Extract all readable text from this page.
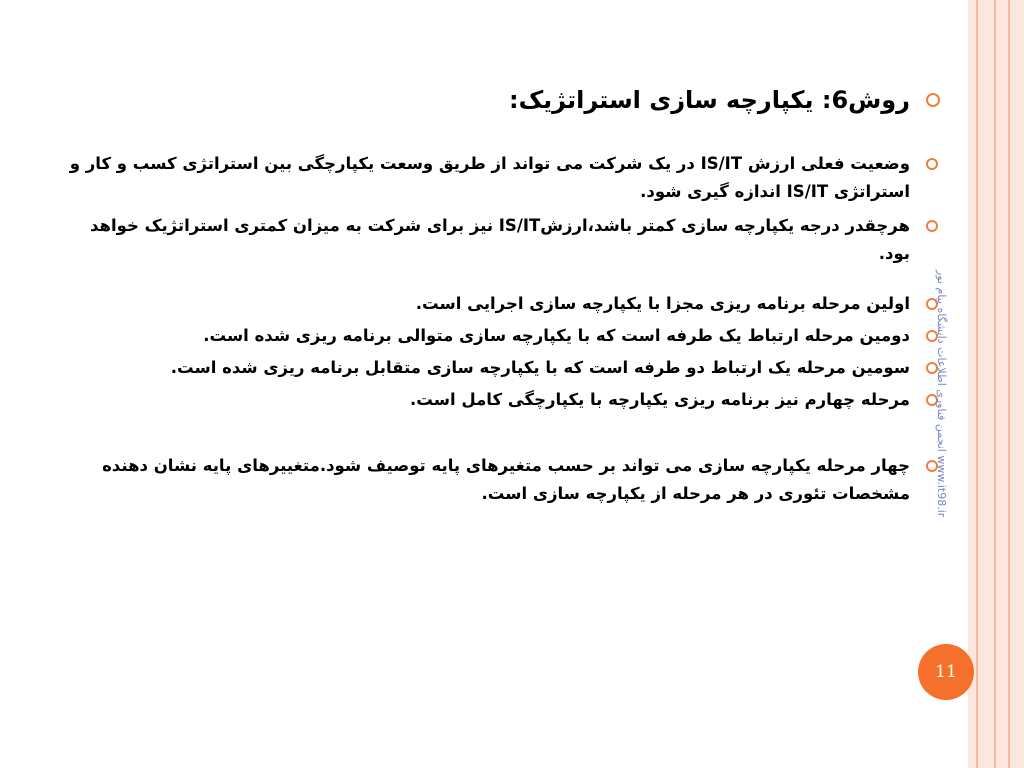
روش6: یکپارچه سازی استراتژیک:
وضعیت فعلی ارزش IS/IT در یک شرکت می تواند از طریق وسعت یکپارچگی بین استراتژی کسب و کار و استراتژی IS/IT اندازه گیری شود.
هرچقدر درجه یکپارچه سازی کمتر باشد،ارزشIS/IT نیز برای شرکت به میزان کمتری استراتژیک خواهد بود.
اولین مرحله برنامه ریزی مجزا با یکپارچه سازی اجرایی است.
دومین مرحله ارتباط یک طرفه است که با یکپارچه سازی متوالی برنامه ریزی شده است.
سومین مرحله یک ارتباط دو طرفه است که با یکپارچه سازی متقابل برنامه ریزی شده است.
مرحله چهارم نیز برنامه ریزی یکپارچه با یکپارچگی کامل است.
چهار مرحله یکپارچه سازی می تواند بر حسب متغیرهای پایه توصیف شود.متغییرهای پایه نشان دهنده مشخصات تئوری در هر مرحله از یکپارچه سازی است.
انجمن فناوری اطلاعات دانشگاه پیام نور www.it98.ir
11
